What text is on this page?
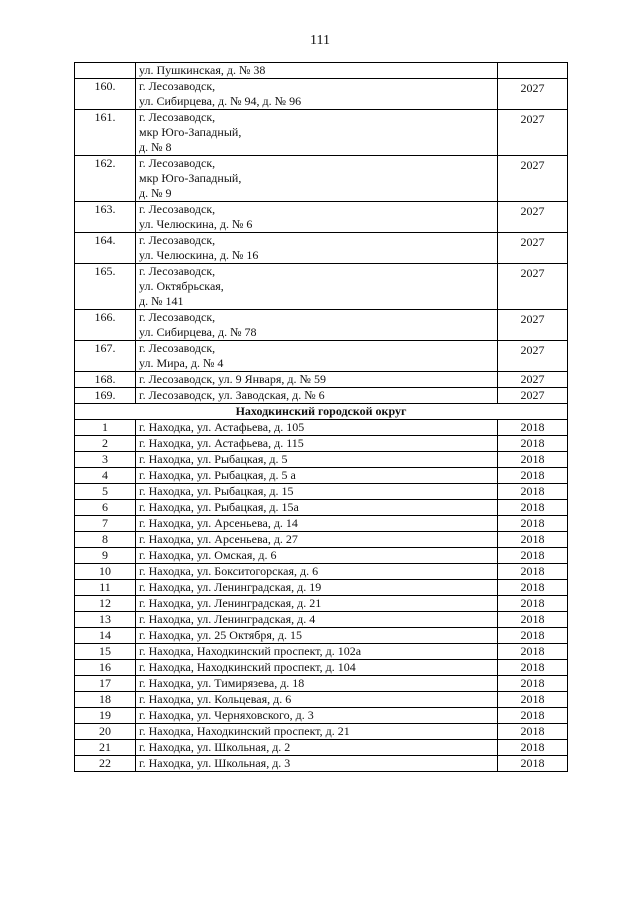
111
	ул. Пушкинская, д. № 38	
160.	г. Лесозаводск,
ул. Сибирцева, д. № 94, д. № 96	2027
161.	г. Лесозаводск,
мкр Юго-Западный,
д. № 8	2027
162.	г. Лесозаводск,
мкр Юго-Западный,
д. № 9	2027
163.	г. Лесозаводск,
ул. Челюскина, д. № 6	2027
164.	г. Лесозаводск,
ул. Челюскина, д. № 16	2027
165.	г. Лесозаводск,
ул. Октябрьская,
д. № 141	2027
166.	г. Лесозаводск,
ул. Сибирцева, д. № 78	2027
167.	г. Лесозаводск,
ул. Мира, д. № 4	2027
168.	г. Лесозаводск, ул. 9 Января, д. № 59	2027
169.	г. Лесозаводск, ул. Заводская, д. № 6	2027
Находкинский городской округ		
1	г. Находка, ул. Астафьева, д. 105	2018
2	г. Находка, ул. Астафьева, д. 115	2018
3	г. Находка, ул. Рыбацкая, д. 5	2018
4	г. Находка, ул. Рыбацкая, д. 5 а	2018
5	г. Находка, ул. Рыбацкая, д. 15	2018
6	г. Находка, ул. Рыбацкая, д. 15а	2018
7	г. Находка, ул. Арсеньева, д. 14	2018
8	г. Находка, ул. Арсеньева, д. 27	2018
9	г. Находка, ул. Омская, д. 6	2018
10	г. Находка, ул. Бокситогорская, д. 6	2018
11	г. Находка, ул. Ленинградская, д. 19	2018
12	г. Находка, ул. Ленинградская, д. 21	2018
13	г. Находка, ул. Ленинградская, д. 4	2018
14	г. Находка, ул. 25 Октября, д. 15	2018
15	г. Находка, Находкинский проспект, д. 102а	2018
16	г. Находка, Находкинский проспект, д. 104	2018
17	г. Находка, ул. Тимирязева, д. 18	2018
18	г. Находка, ул. Кольцевая, д. 6	2018
19	г. Находка, ул. Черняховского, д. 3	2018
20	г. Находка, Находкинский проспект, д. 21	2018
21	г. Находка, ул. Школьная, д. 2	2018
22	г. Находка, ул. Школьная, д. 3	2018
